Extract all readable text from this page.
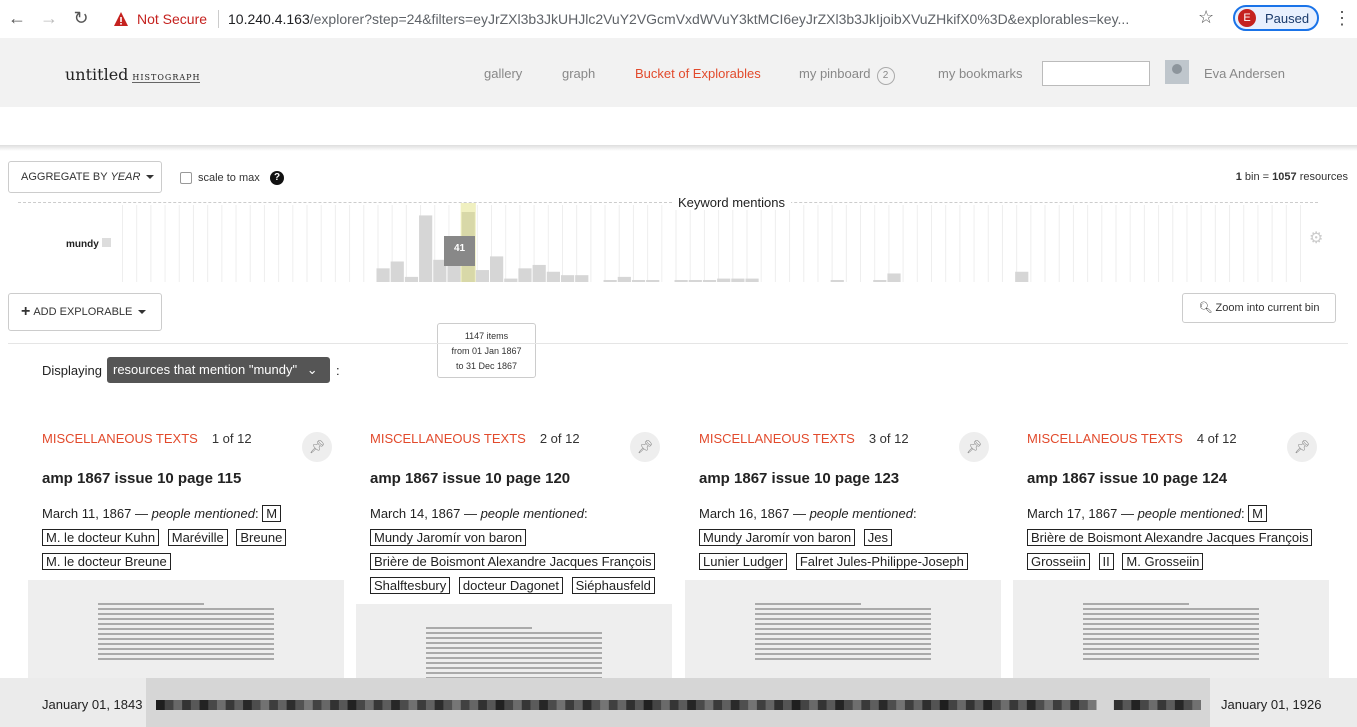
← → ↻	Not Secure 10.240.4.163/explorer?step=24&filters=eyJrZXl3b3JkUHJlc2VuY2VGcmVxdWVuY3ktMCI6eyJrZXl3b3JkIjoibXVuZHkifX0%3D&explorables=key...	☆	E	Paused ⋮
untitled HISTOGRAPH	gallery	graph	Bucket of Explorables	my pinboard 2	my bookmarks	Eva Andersen
AGGREGATE BY YEAR	scale to max	?	1 bin = 1057 resources
Keyword mentions
mundy	41
⚙
+ ADD EXPLORABLE	🔍︎ Zoom into current bin
1147 items
from 01 Jan 1867
to 31 Dec 1867
Displaying resources that mention "mundy" ⌄	:
MISCELLANEOUS TEXTS 1 of 12
📌︎
amp 1867 issue 10 page 115
March 11, 1867 — people mentioned: M M. le docteur Kuhn Maréville Breune M. le docteur Breune
MISCELLANEOUS TEXTS 2 of 12
📌︎
amp 1867 issue 10 page 120
March 14, 1867 — people mentioned: Mundy Jaromír von baron Brière de Boismont Alexandre Jacques François Shalftesbury docteur Dagonet Siéphausfeld
MISCELLANEOUS TEXTS 3 of 12
📌︎
amp 1867 issue 10 page 123
March 16, 1867 — people mentioned: Mundy Jaromír von baron Jes Lunier Ludger Falret Jules-Philippe-Joseph
MISCELLANEOUS TEXTS 4 of 12
📌︎
amp 1867 issue 10 page 124
March 17, 1867 — people mentioned: M Brière de Boismont Alexandre Jacques François Grosseiin II M. Grosseiin
January 01, 1843	January 01, 1926
